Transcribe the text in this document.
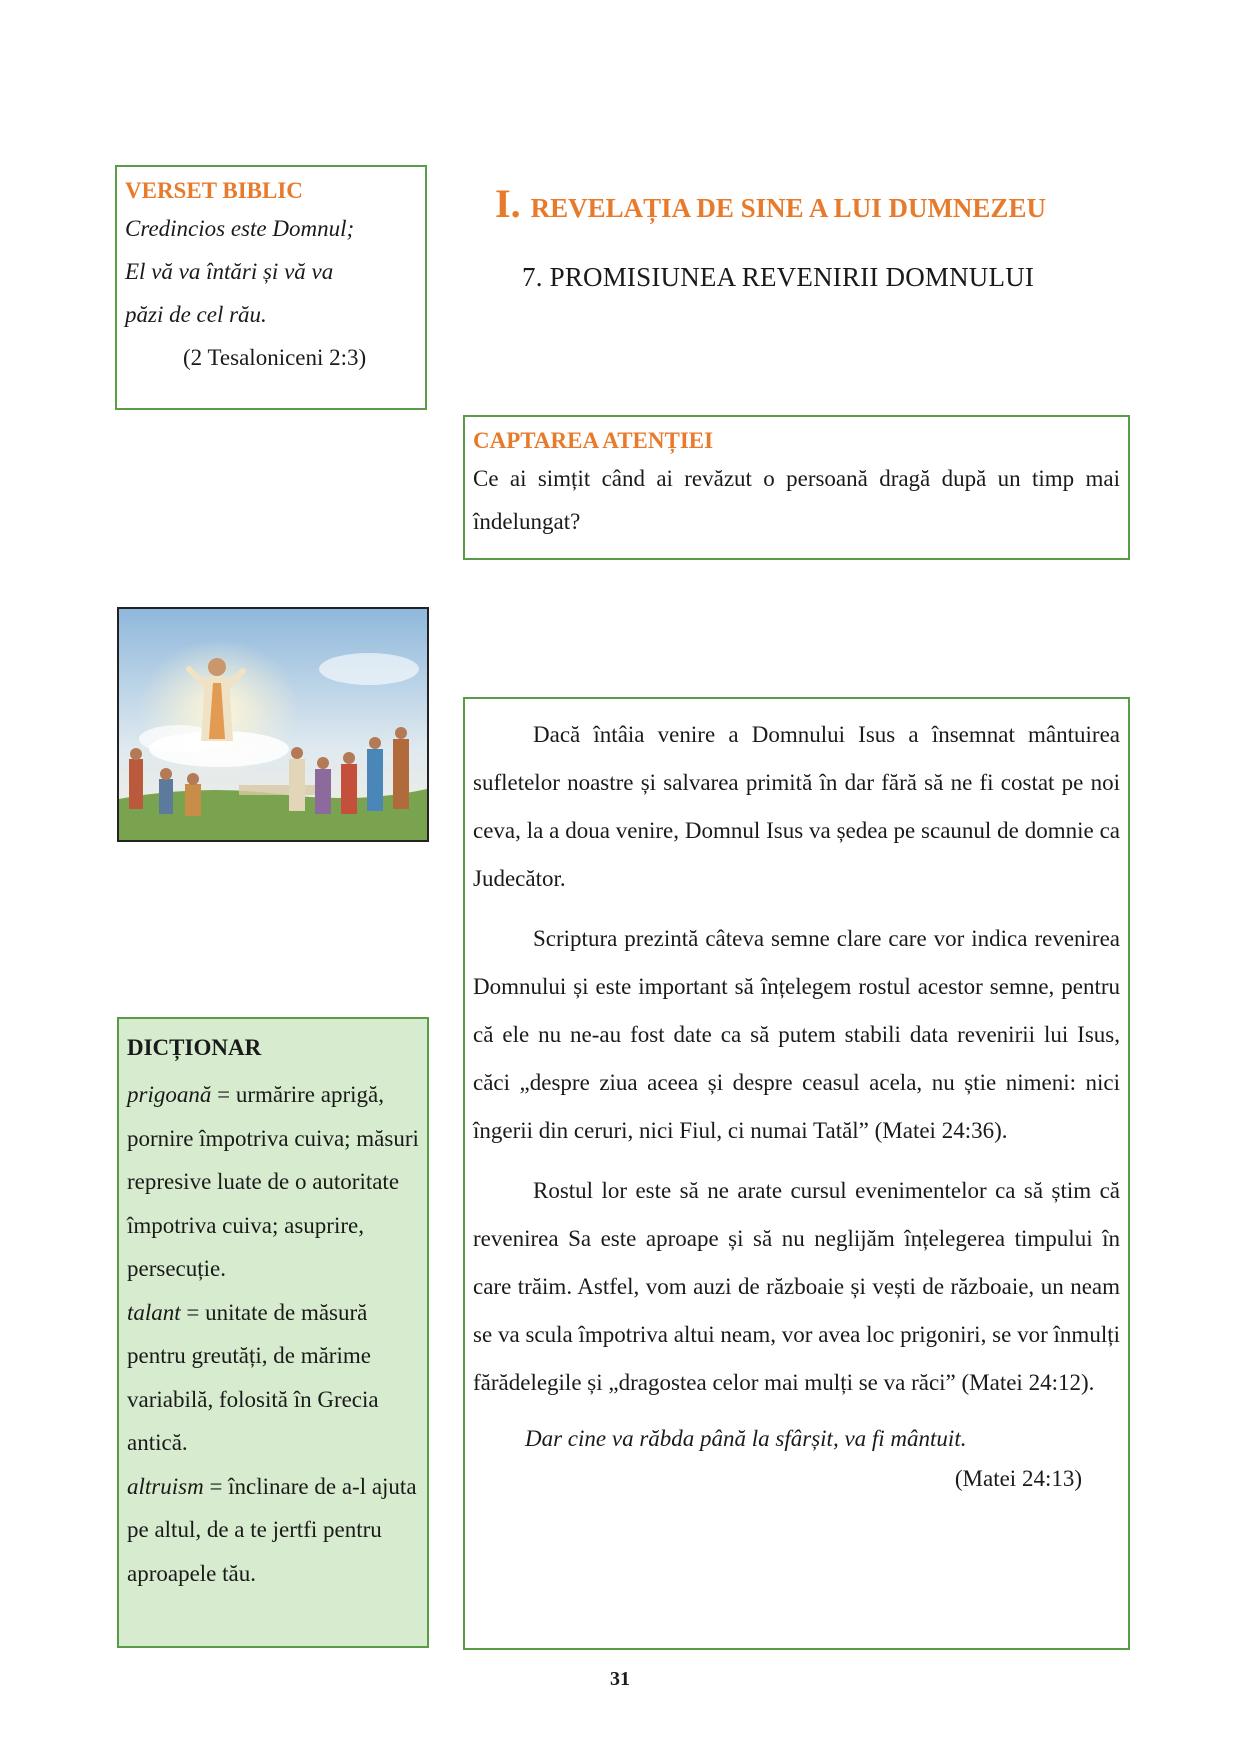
VERSET BIBLIC
Credincios este Domnul;
El vă va întări și vă va
păzi de cel rău.
(2 Tesaloniceni 2:3)
I. REVELAȚIA DE SINE A LUI DUMNEZEU
7. PROMISIUNEA REVENIRII DOMNULUI
CAPTAREA ATENȚIEI

Ce ai simțit când ai revăzut o persoană dragă după un timp mai îndelungat?

DICȚIONAR

prigoană = urmărire aprigă, pornire împotriva cuiva; măsuri represive luate de o autoritate împotriva cuiva; asuprire, persecuție.

talant = unitate de măsură pentru greutăți, de mărime variabilă, folosită în Grecia antică.

altruism = înclinare de a-l ajuta pe altul, de a te jertfi pentru aproapele tău.

Dacă întâia venire a Domnului Isus a însemnat mântuirea sufletelor noastre și salvarea primită în dar fără să ne fi costat pe noi ceva, la a doua venire, Domnul Isus va ședea pe scaunul de domnie ca Judecător.

Scriptura prezintă câteva semne clare care vor indica revenirea Domnului și este important să înțelegem rostul acestor semne, pentru că ele nu ne-au fost date ca să putem stabili data revenirii lui Isus, căci „despre ziua aceea și despre ceasul acela, nu știe nimeni: nici îngerii din ceruri, nici Fiul, ci numai Tatăl” (Matei 24:36).

Rostul lor este să ne arate cursul evenimentelor ca să știm că revenirea Sa este aproape și să nu neglijăm înțelegerea timpului în care trăim. Astfel, vom auzi de războaie și vești de războaie, un neam se va scula împotriva altui neam, vor avea loc prigoniri, se vor înmulți fărădelegile și „dragostea celor mai mulți se va răci” (Matei 24:12).

Dar cine va răbda până la sfârșit, va fi mântuit.
(Matei 24:13)
31
